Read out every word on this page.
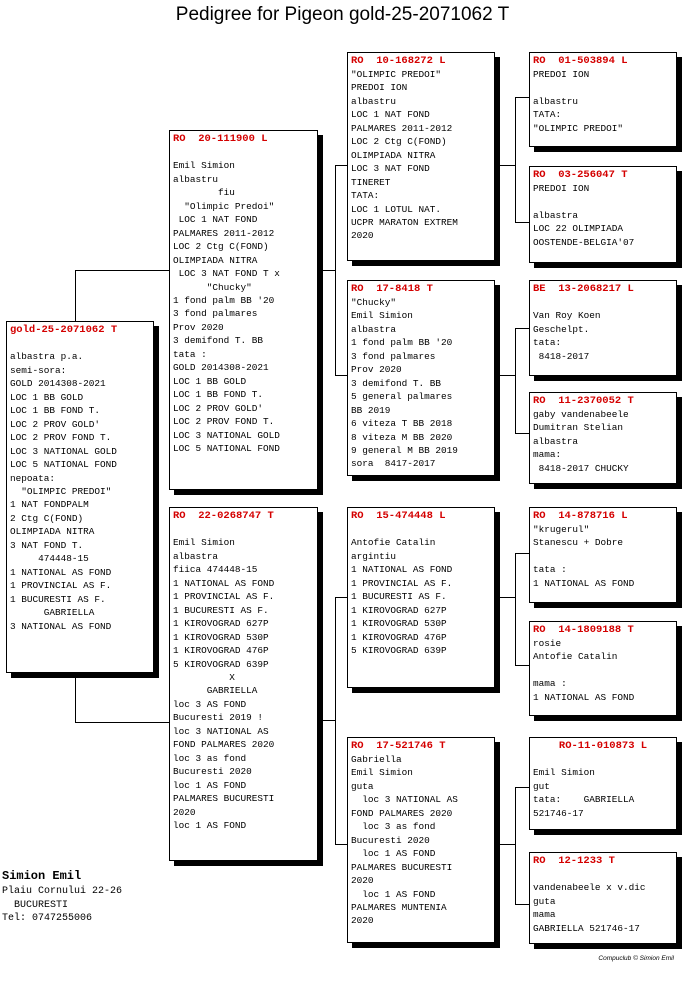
Pedigree for Pigeon gold-25-2071062 T
gold-25-2071062 T

albastra p.a.
semi-sora:
GOLD 2014308-2021
LOC 1 BB GOLD
LOC 1 BB FOND T.
LOC 2 PROV GOLD'
LOC 2 PROV FOND T.
LOC 3 NATIONAL GOLD
LOC 5 NATIONAL FOND
nepoata:
"OLIMPIC PREDOI"
1 NAT FONDPALM
2 Ctg C(FOND)
OLIMPIADA NITRA
3 NAT FOND T.
474448-15
1 NATIONAL AS FOND
1 PROVINCIAL AS F.
1 BUCURESTI AS F.
GABRIELLA
3 NATIONAL AS FOND
RO  20-111900 L

Emil Simion
albastru
fiu
"Olimpic Predoi"
LOC 1 NAT FOND
PALMARES 2011-2012
LOC 2 Ctg C(FOND)
OLIMPIADA NITRA
LOC 3 NAT FOND T x
"Chucky"
1 fond palm BB '20
3 fond palmares
Prov 2020
3 demifond T. BB
tata :
GOLD 2014308-2021
LOC 1 BB GOLD
LOC 1 BB FOND T.
LOC 2 PROV GOLD'
LOC 2 PROV FOND T.
LOC 3 NATIONAL GOLD
LOC 5 NATIONAL FOND
RO  22-0268747 T

Emil Simion
albastra
fiica 474448-15
1 NATIONAL AS FOND
1 PROVINCIAL AS F.
1 BUCURESTI AS F.
1 KIROVOGRAD 627P
1 KIROVOGRAD 530P
1 KIROVOGRAD 476P
5 KIROVOGRAD 639P
X
GABRIELLA
loc 3 AS FOND
Bucuresti 2019 !
loc 3 NATIONAL AS
FOND PALMARES 2020
loc 3 as fond
Bucuresti 2020
loc 1 AS FOND
PALMARES BUCURESTI
2020
loc 1 AS FOND
RO  10-168272 L
"OLIMPIC PREDOI"
PREDOI ION
albastru
LOC 1 NAT FOND
PALMARES 2011-2012
LOC 2 Ctg C(FOND)
OLIMPIADA NITRA
LOC 3 NAT FOND
TINERET
TATA:
LOC 1 LOTUL NAT.
UCPR MARATON EXTREM
2020
RO  17-8418 T
"Chucky"
Emil Simion
albastra
1 fond palm BB '20
3 fond palmares
Prov 2020
3 demifond T. BB
5 general palmares
BB 2019
6 viteza T BB 2018
8 viteza M BB 2020
9 general M BB 2019
sora  8417-2017
RO  15-474448 L

Antofie Catalin
argintiu
1 NATIONAL AS FOND
1 PROVINCIAL AS F.
1 BUCURESTI AS F.
1 KIROVOGRAD 627P
1 KIROVOGRAD 530P
1 KIROVOGRAD 476P
5 KIROVOGRAD 639P
RO  17-521746 T
Gabriella
Emil Simion
guta
loc 3 NATIONAL AS
FOND PALMARES 2020
loc 3 as fond
Bucuresti 2020
loc 1 AS FOND
PALMARES BUCURESTI
2020
loc 1 AS FOND
PALMARES MUNTENIA
2020
RO  01-503894 L
PREDOI ION

albastru
TATA:
"OLIMPIC PREDOI"
RO  03-256047 T
PREDOI ION

albastra
LOC 22 OLIMPIADA
OOSTENDE-BELGIA'07
BE  13-2068217 L

Van Roy Koen
Geschelpt.
tata:
8418-2017
RO  11-2370052 T
gaby vandenabeele
Dumitran Stelian
albastra
mama:
8418-2017 CHUCKY
RO  14-878716 L
"krugerul"
Stanescu + Dobre

tata :
1 NATIONAL AS FOND
RO  14-1809188 T
rosie
Antofie Catalin

mama :
1 NATIONAL AS FOND
RO-11-010873 L

Emil Simion
gut
tata:    GABRIELLA
521746-17
RO  12-1233 T

vandenabeele x v.dic
guta
mama
GABRIELLA 521746-17
Simion Emil
Plaiu Cornului 22-26
BUCURESTI
Tel: 0747255006
Compuclub © Simion Emil
